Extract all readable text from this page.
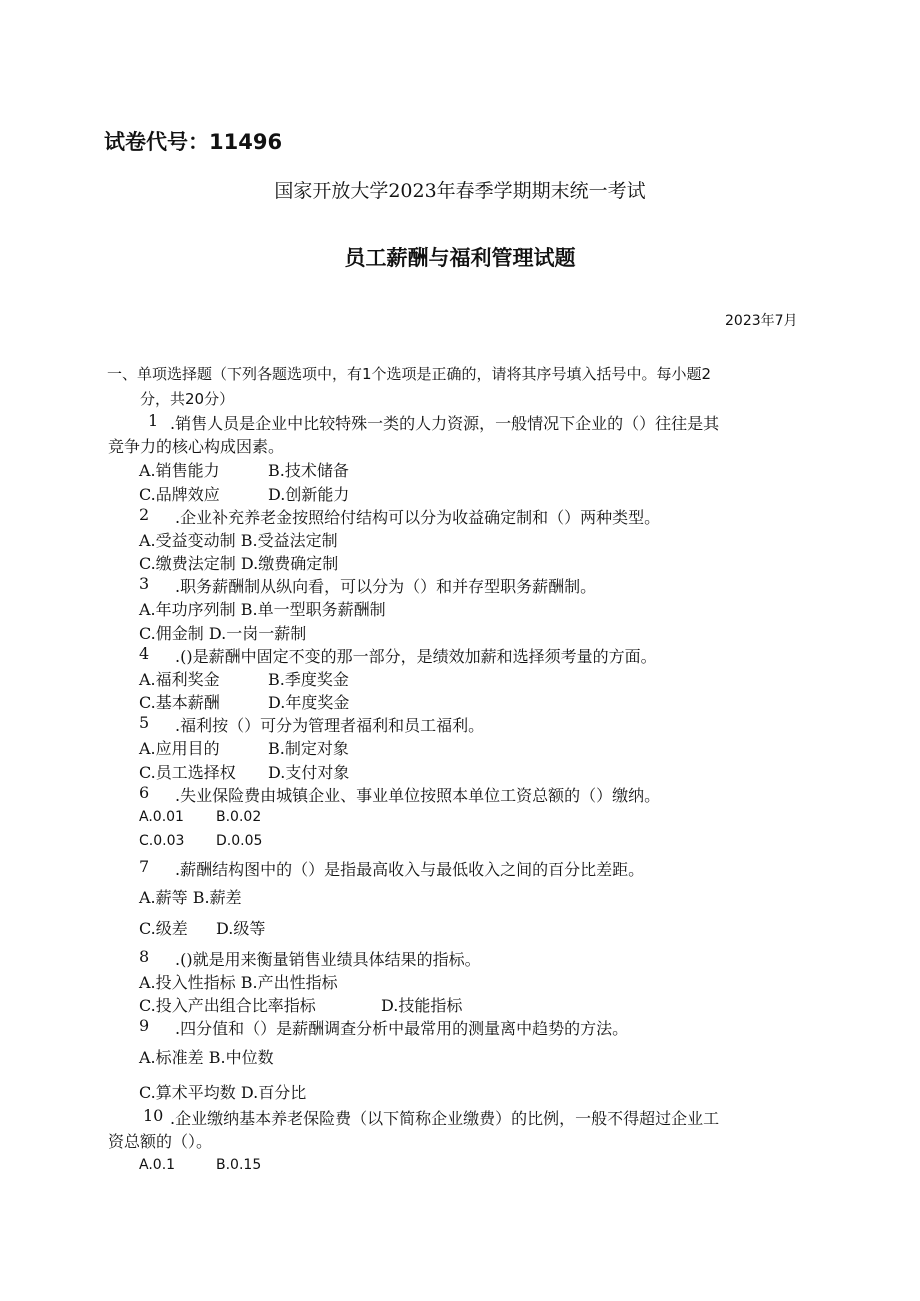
试卷代号：11496
国家开放大学2023年春季学期期末统一考试
员工薪酬与福利管理试题
2023年7月
一、单项选择题（下列各题选项中，有1个选项是正确的，请将其序号填入括号中。每小题2
分，共20分）
1 .销售人员是企业中比较特殊一类的人力资源，一般情况下企业的（）往往是其
竞争力的核心构成因素。
A.销售能力	B.技术储备
C.品牌效应	D.创新能力
2 .企业补充养老金按照给付结构可以分为收益确定制和（）两种类型。
A.受益变动制 B.受益法定制
C.缴费法定制 D.缴费确定制
3 .职务薪酬制从纵向看，可以分为（）和并存型职务薪酬制。
A.年功序列制 B.单一型职务薪酬制
C.佣金制 D.一岗一薪制
4 .()是薪酬中固定不变的那一部分，是绩效加薪和选择须考量的方面。
A.福利奖金	B.季度奖金
C.基本薪酬	D.年度奖金
5 .福利按（）可分为管理者福利和员工福利。
A.应用目的	B.制定对象
C.员工选择权 D.支付对象
6 .失业保险费由城镇企业、事业单位按照本单位工资总额的（）缴纳。
A.0.01 B.0.02
C.0.03 D.0.05
7 .薪酬结构图中的（）是指最高收入与最低收入之间的百分比差距。
A.薪等 B.薪差
C.级差 D.级等
8 .()就是用来衡量销售业绩具体结果的指标。
A.投入性指标 B.产出性指标
C.投入产出组合比率指标	D.技能指标
9 .四分值和（）是薪酬调查分析中最常用的测量离中趋势的方法。
A.标准差 B.中位数
C.算术平均数 D.百分比
10 .企业缴纳基本养老保险费（以下简称企业缴费）的比例，一般不得超过企业工
资总额的（）。
A.0.1	B.0.15
